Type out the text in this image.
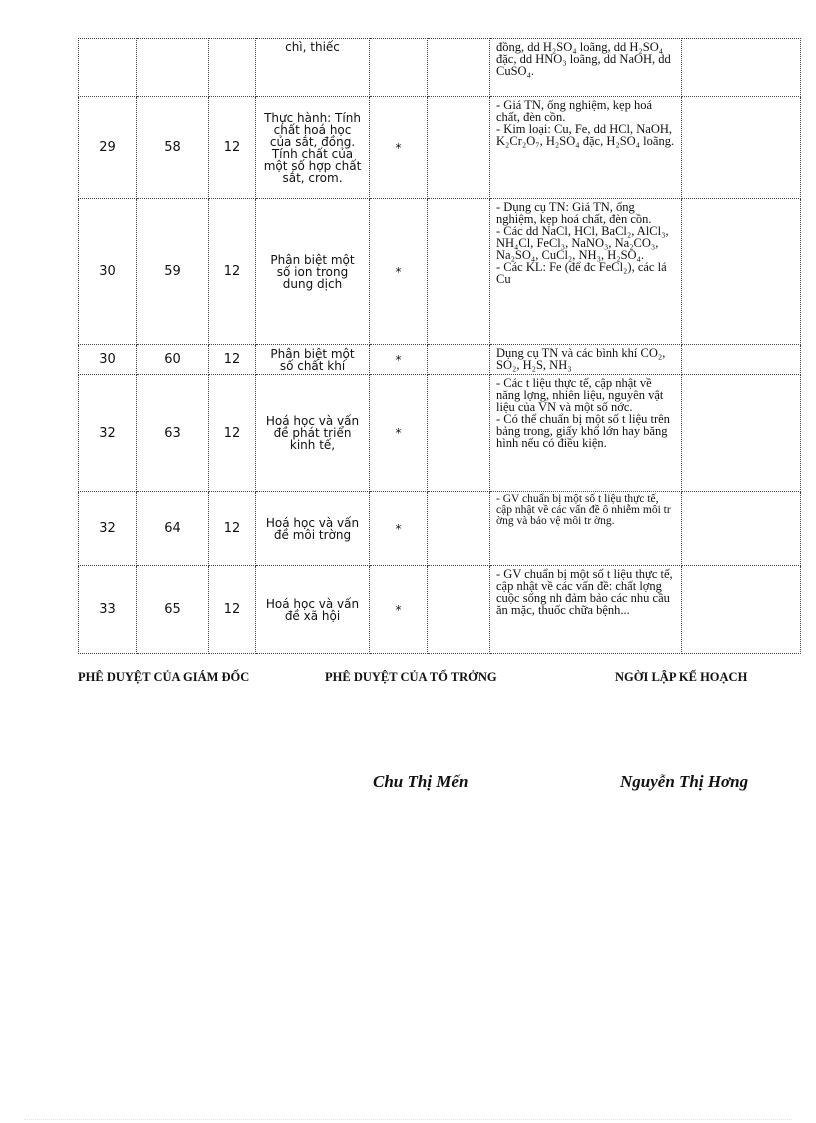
			chì, thiếc			đồng, dd H₂SO₄ loãng, dd H₂SO₄ đặc, dd HNO₃ loãng, dd NaOH, dd CuSO₄.	
29	58	12	Thực hành: Tính chất hoá học của sắt, đồng. Tính chất của một số hợp chất sắt, crom.	*		- Giá TN, ống nghiệm, kẹp hoá chất, đèn cồn.
- Kim loại: Cu, Fe, dd HCl, NaOH, K₂Cr₂O₇, H₂SO₄ đặc, H₂SO₄ loãng.	
30	59	12	Phân biệt một số ion trong dung dịch	*		- Dụng cụ TN: Giá TN, ống nghiệm, kẹp hoá chất, đèn cồn.
- Các dd NaCl, HCl, BaCl₂, AlCl₃, NH₄Cl, FeCl₃, NaNO₃, Na₂CO₃, Na₂SO₄, CuCl₂, NH₃, H₂SO₄.
- Các KL: Fe (để đc FeCl₂), các lá Cu	
30	60	12	Phân biệt một số chất khí	*		Dụng cụ TN và các bình khí CO₂, SO₂, H₂S, NH₃	
32	63	12	Hoá học và vấn đề phát triển kinh tế,	*		- Các t liệu thực tế, cập nhật về năng lợng, nhiên liệu, nguyên vật liệu của VN và một số nớc.
- Có thể chuẩn bị một số t liệu trên bảng trong, giấy khổ lớn hay băng hình nếu có điều kiện.	
32	64	12	Hoá học và vấn đề môi trờng	*		- GV chuẩn bị một số t liệu thực tế, cập nhật về các vấn đề ô nhiễm môi tr ờng và bảo vệ môi tr ờng.	
33	65	12	Hoá học và vấn đề xã hội	*		- GV chuẩn bị một số t liệu thực tế, cập nhật về các vấn đề: chất lợng cuộc sống nh đảm bảo các nhu cầu ăn mặc, thuốc chữa bệnh...	
PHÊ DUYỆT CỦA GIÁM ĐỐC	PHÊ DUYỆT CỦA TỔ TRỞNG	NGỜI LẬP KẾ HOẠCH
Chu Thị Mến	Nguyễn Thị Hơng
